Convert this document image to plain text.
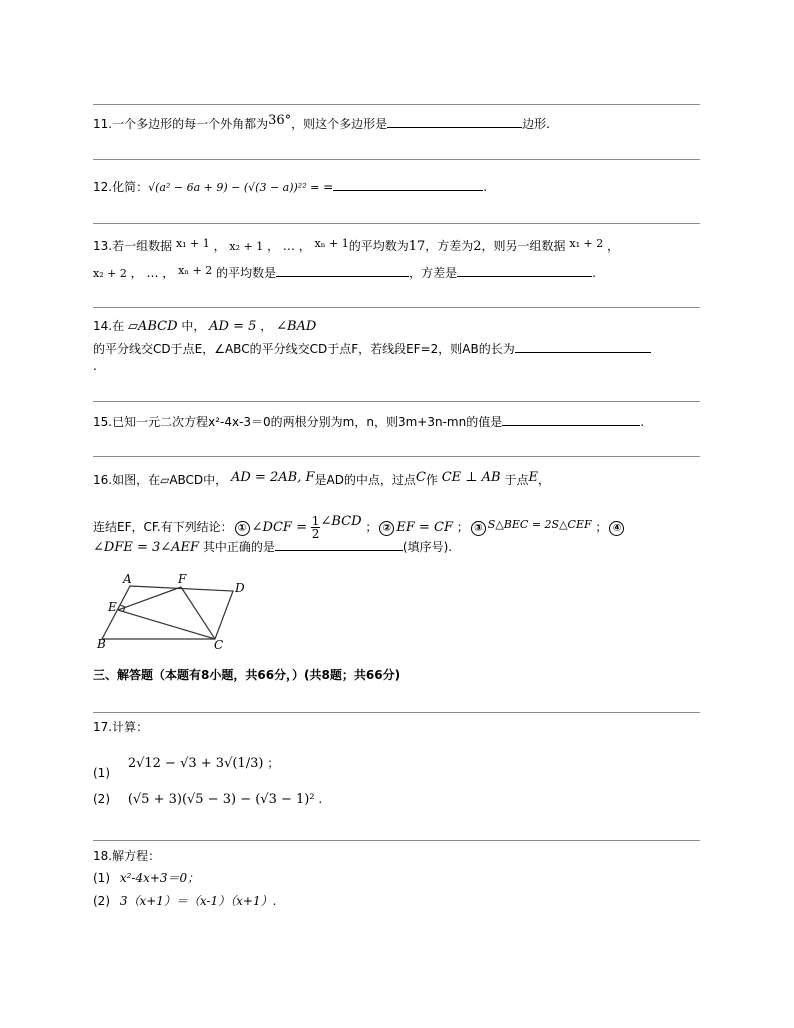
11.一个多边形的每一个外角都为36°，则这个多边形是	边形.
12.化简：√(a² − 6a + 9) − (√(3 − a))²² = =	.
13.若一组数据 x₁ + 1 ， x₂ + 1 ， … ， xₙ + 1的平均数为17，方差为2，则另一组数据 x₁ + 2 ，
x₂ + 2 ， … ， xₙ + 2 的平均数是	，方差是	.
14.在 ▱ABCD 中， AD = 5 ， ∠BAD
的平分线交CD于点E，∠ABC的平分线交CD于点F，若线段EF=2，则AB的长为
.
15.已知一元二次方程x²-4x-3＝0的两根分别为m，n，则3m+3n-mn的值是	.
16.如图，在▱ABCD中， AD = 2AB, F是AD的中点，过点C作 CE ⊥ AB 于点E，
连结EF，CF.有下列结论： ① ∠DCF = $\frac{1}{2}$ ∠BCD ； ② EF = CF ； ③ S△BEC = 2S△CEF ； ④
∠DFE = 3∠AEF 其中正确的是	(填序号).
A	F
D
E
B	C
三、解答题（本题有8小题，共66分，）(共8题；共66分)
17.计算：
(1) 2√12 − √3 + 3√(1/3) ；
(2) (√5 + 3)(√5 − 3) − (√3 − 1)² .
18.解方程：
(1) x²-4x+3＝0；
(2) 3（x+1）＝（x-1）（x+1）.
